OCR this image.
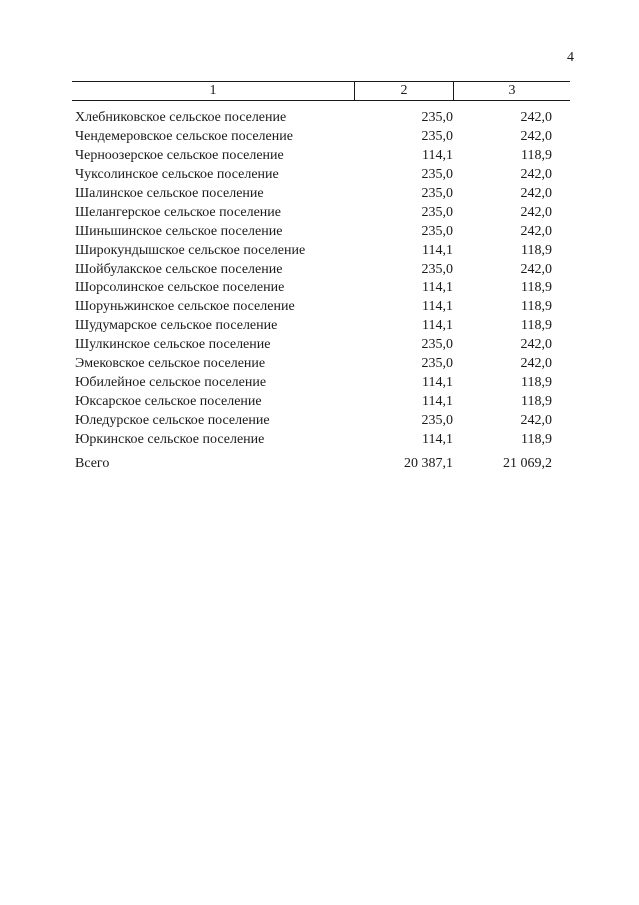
4
1	2	3
Хлебниковское сельское поселение	235,0	242,0
Чендемеровское сельское поселение	235,0	242,0
Черноозерское сельское поселение	114,1	118,9
Чуксолинское сельское поселение	235,0	242,0
Шалинское сельское поселение	235,0	242,0
Шелангерское сельское поселение	235,0	242,0
Шиньшинское сельское поселение	235,0	242,0
Широкундышское сельское поселение	114,1	118,9
Шойбулакское сельское поселение	235,0	242,0
Шорсолинское сельское поселение	114,1	118,9
Шоруньжинское сельское поселение	114,1	118,9
Шудумарское сельское поселение	114,1	118,9
Шулкинское сельское поселение	235,0	242,0
Эмековское сельское поселение	235,0	242,0
Юбилейное сельское поселение	114,1	118,9
Юксарское сельское поселение	114,1	118,9
Юледурское сельское поселение	235,0	242,0
Юркинское сельское поселение	114,1	118,9
Всего	20 387,1	21 069,2
